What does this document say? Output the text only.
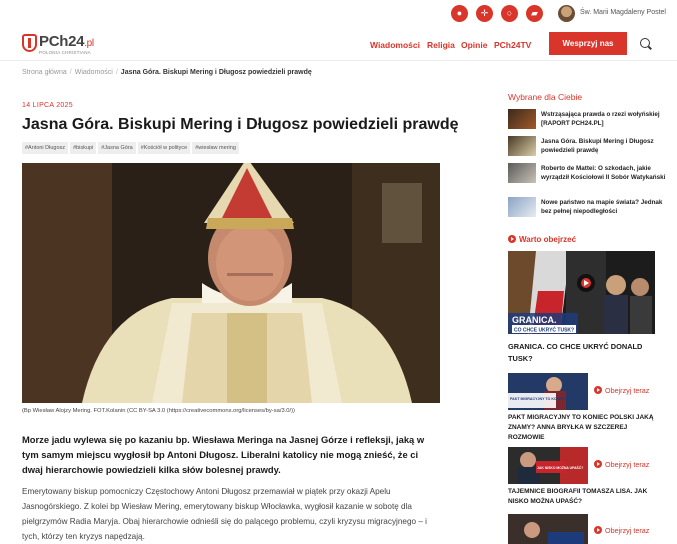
●	✛	○	▰	Św. Marii Magdaleny Postel
PCh24.pl
POLONIA CHRISTIANA
Wiadomości Religia Opinie PCh24TV	Wesprzyj nas
Strona główna / Wiadomości / Jasna Góra. Biskupi Mering i Długosz powiedzieli prawdę
14 LIPCA 2025
Jasna Góra. Biskupi Mering i Długosz powiedzieli prawdę
#Antoni Długosz	#biskupi	#Jasna Góra	#Kościół w polityce	#wiesław mering
(Bp Wiesław Alojzy Mering. FOT.Kolanin (CC BY-SA 3.0 (https://creativecommons.org/licenses/by-sa/3.0/))
Morze jadu wylewa się po kazaniu bp. Wiesława Meringa na Jasnej Górze i refleksji, jaką w tym samym miejscu wygłosił bp Antoni Długosz. Liberalni katolicy nie mogą znieść, że ci dwaj hierarchowie powiedzieli kilka słów bolesnej prawdy.
Emerytowany biskup pomocniczy Częstochowy Antoni Długosz przemawiał w piątek przy okazji Apelu Jasnogórskiego. Z kolei bp Wiesław Mering, emerytowany biskup Włocławka, wygłosił kazanie w sobotę dla pielgrzymów Radia Maryja. Obaj hierarchowie odnieśli się do palącego problemu, czyli kryzysu migracyjnego – i tych, którzy ten kryzys napędzają.
Wybrane dla Ciebie
Wstrząsająca prawda o rzezi wołyńskiej [RAPORT PCH24.PL]
Jasna Góra. Biskupi Mering i Długosz powiedzieli prawdę
Roberto de Mattei: O szkodach, jakie wyrządził Kościołowi II Sobór Watykański
Nowe państwo na mapie świata? Jednak bez pełnej niepodległości
Warto obejrzeć
GRANICA.
CO CHCE UKRYĆ TUSK?
GRANICA. CO CHCE UKRYĆ DONALD TUSK?
PAKT MIGRACYJNY TO KONIEC POLSKI?
Obejrzyj teraz
PAKT MIGRACYJNY TO KONIEC POLSKI JAKĄ ZNAMY? ANNA BRYŁKA W SZCZEREJ ROZMOWIE
JAK NISKO MOŻNA UPAŚĆ?	Obejrzyj teraz
TAJEMNICE BIOGRAFII TOMASZA LISA. JAK NISKO MOŻNA UPAŚĆ?
Obejrzyj teraz
